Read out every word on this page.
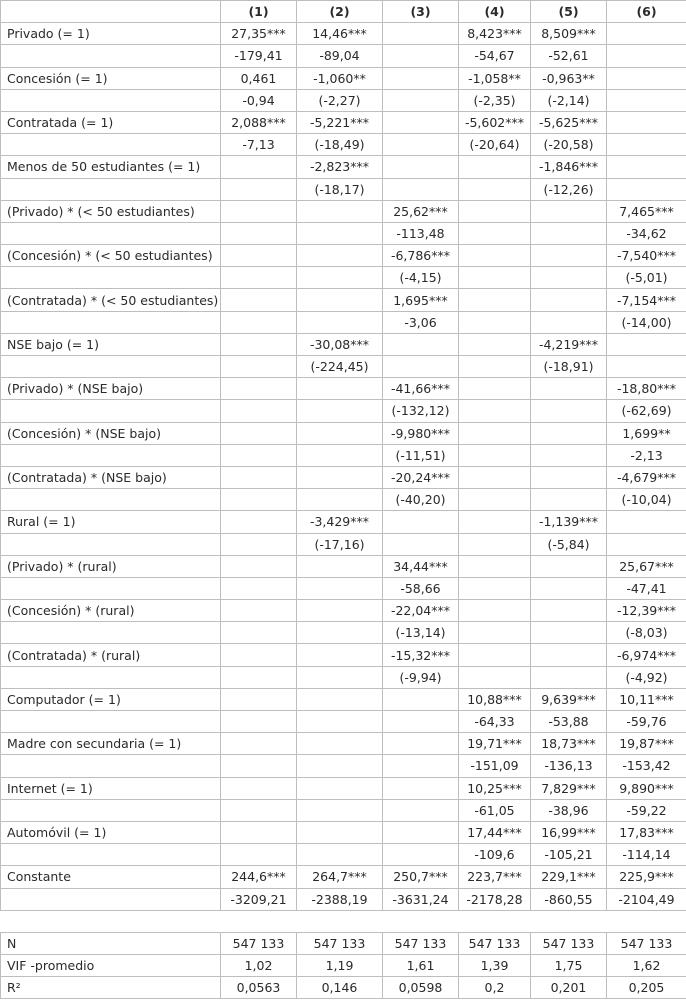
	(1)	(2)	(3)	(4)	(5)	(6)
Privado (= 1)	27,35***	14,46***		8,423***	8,509***	
	-179,41	-89,04		-54,67	-52,61	
Concesión (= 1)	0,461	-1,060**		-1,058**	-0,963**	
	-0,94	(-2,27)		(-2,35)	(-2,14)	
Contratada (= 1)	2,088***	-5,221***		-5,602***	-5,625***	
	-7,13	(-18,49)		(-20,64)	(-20,58)	
Menos de 50 estudiantes (= 1)		-2,823***			-1,846***	
		(-18,17)			(-12,26)	
(Privado) * (< 50 estudiantes)			25,62***			7,465***
			-113,48			-34,62
(Concesión) * (< 50 estudiantes)			-6,786***			-7,540***
			(-4,15)			(-5,01)
(Contratada) * (< 50 estudiantes)			1,695***			-7,154***
			-3,06			(-14,00)
NSE bajo (= 1)		-30,08***			-4,219***	
		(-224,45)			(-18,91)	
(Privado) * (NSE bajo)			-41,66***			-18,80***
			(-132,12)			(-62,69)
(Concesión) * (NSE bajo)			-9,980***			1,699**
			(-11,51)			-2,13
(Contratada) * (NSE bajo)			-20,24***			-4,679***
			(-40,20)			(-10,04)
Rural (= 1)		-3,429***			-1,139***	
		(-17,16)			(-5,84)	
(Privado) * (rural)			34,44***			25,67***
			-58,66			-47,41
(Concesión) * (rural)			-22,04***			-12,39***
			(-13,14)			(-8,03)
(Contratada) * (rural)			-15,32***			-6,974***
			(-9,94)			(-4,92)
Computador (= 1)				10,88***	9,639***	10,11***
				-64,33	-53,88	-59,76
Madre con secundaria (= 1)				19,71***	18,73***	19,87***
				-151,09	-136,13	-153,42
Internet (= 1)				10,25***	7,829***	9,890***
				-61,05	-38,96	-59,22
Automóvil (= 1)				17,44***	16,99***	17,83***
				-109,6	-105,21	-114,14
Constante	244,6***	264,7***	250,7***	223,7***	229,1***	225,9***
	-3209,21	-2388,19	-3631,24	-2178,28	-860,55	-2104,49

N	547 133	547 133	547 133	547 133	547 133	547 133
VIF -promedio	1,02	1,19	1,61	1,39	1,75	1,62
R²	0,0563	0,146	0,0598	0,2	0,201	0,205
